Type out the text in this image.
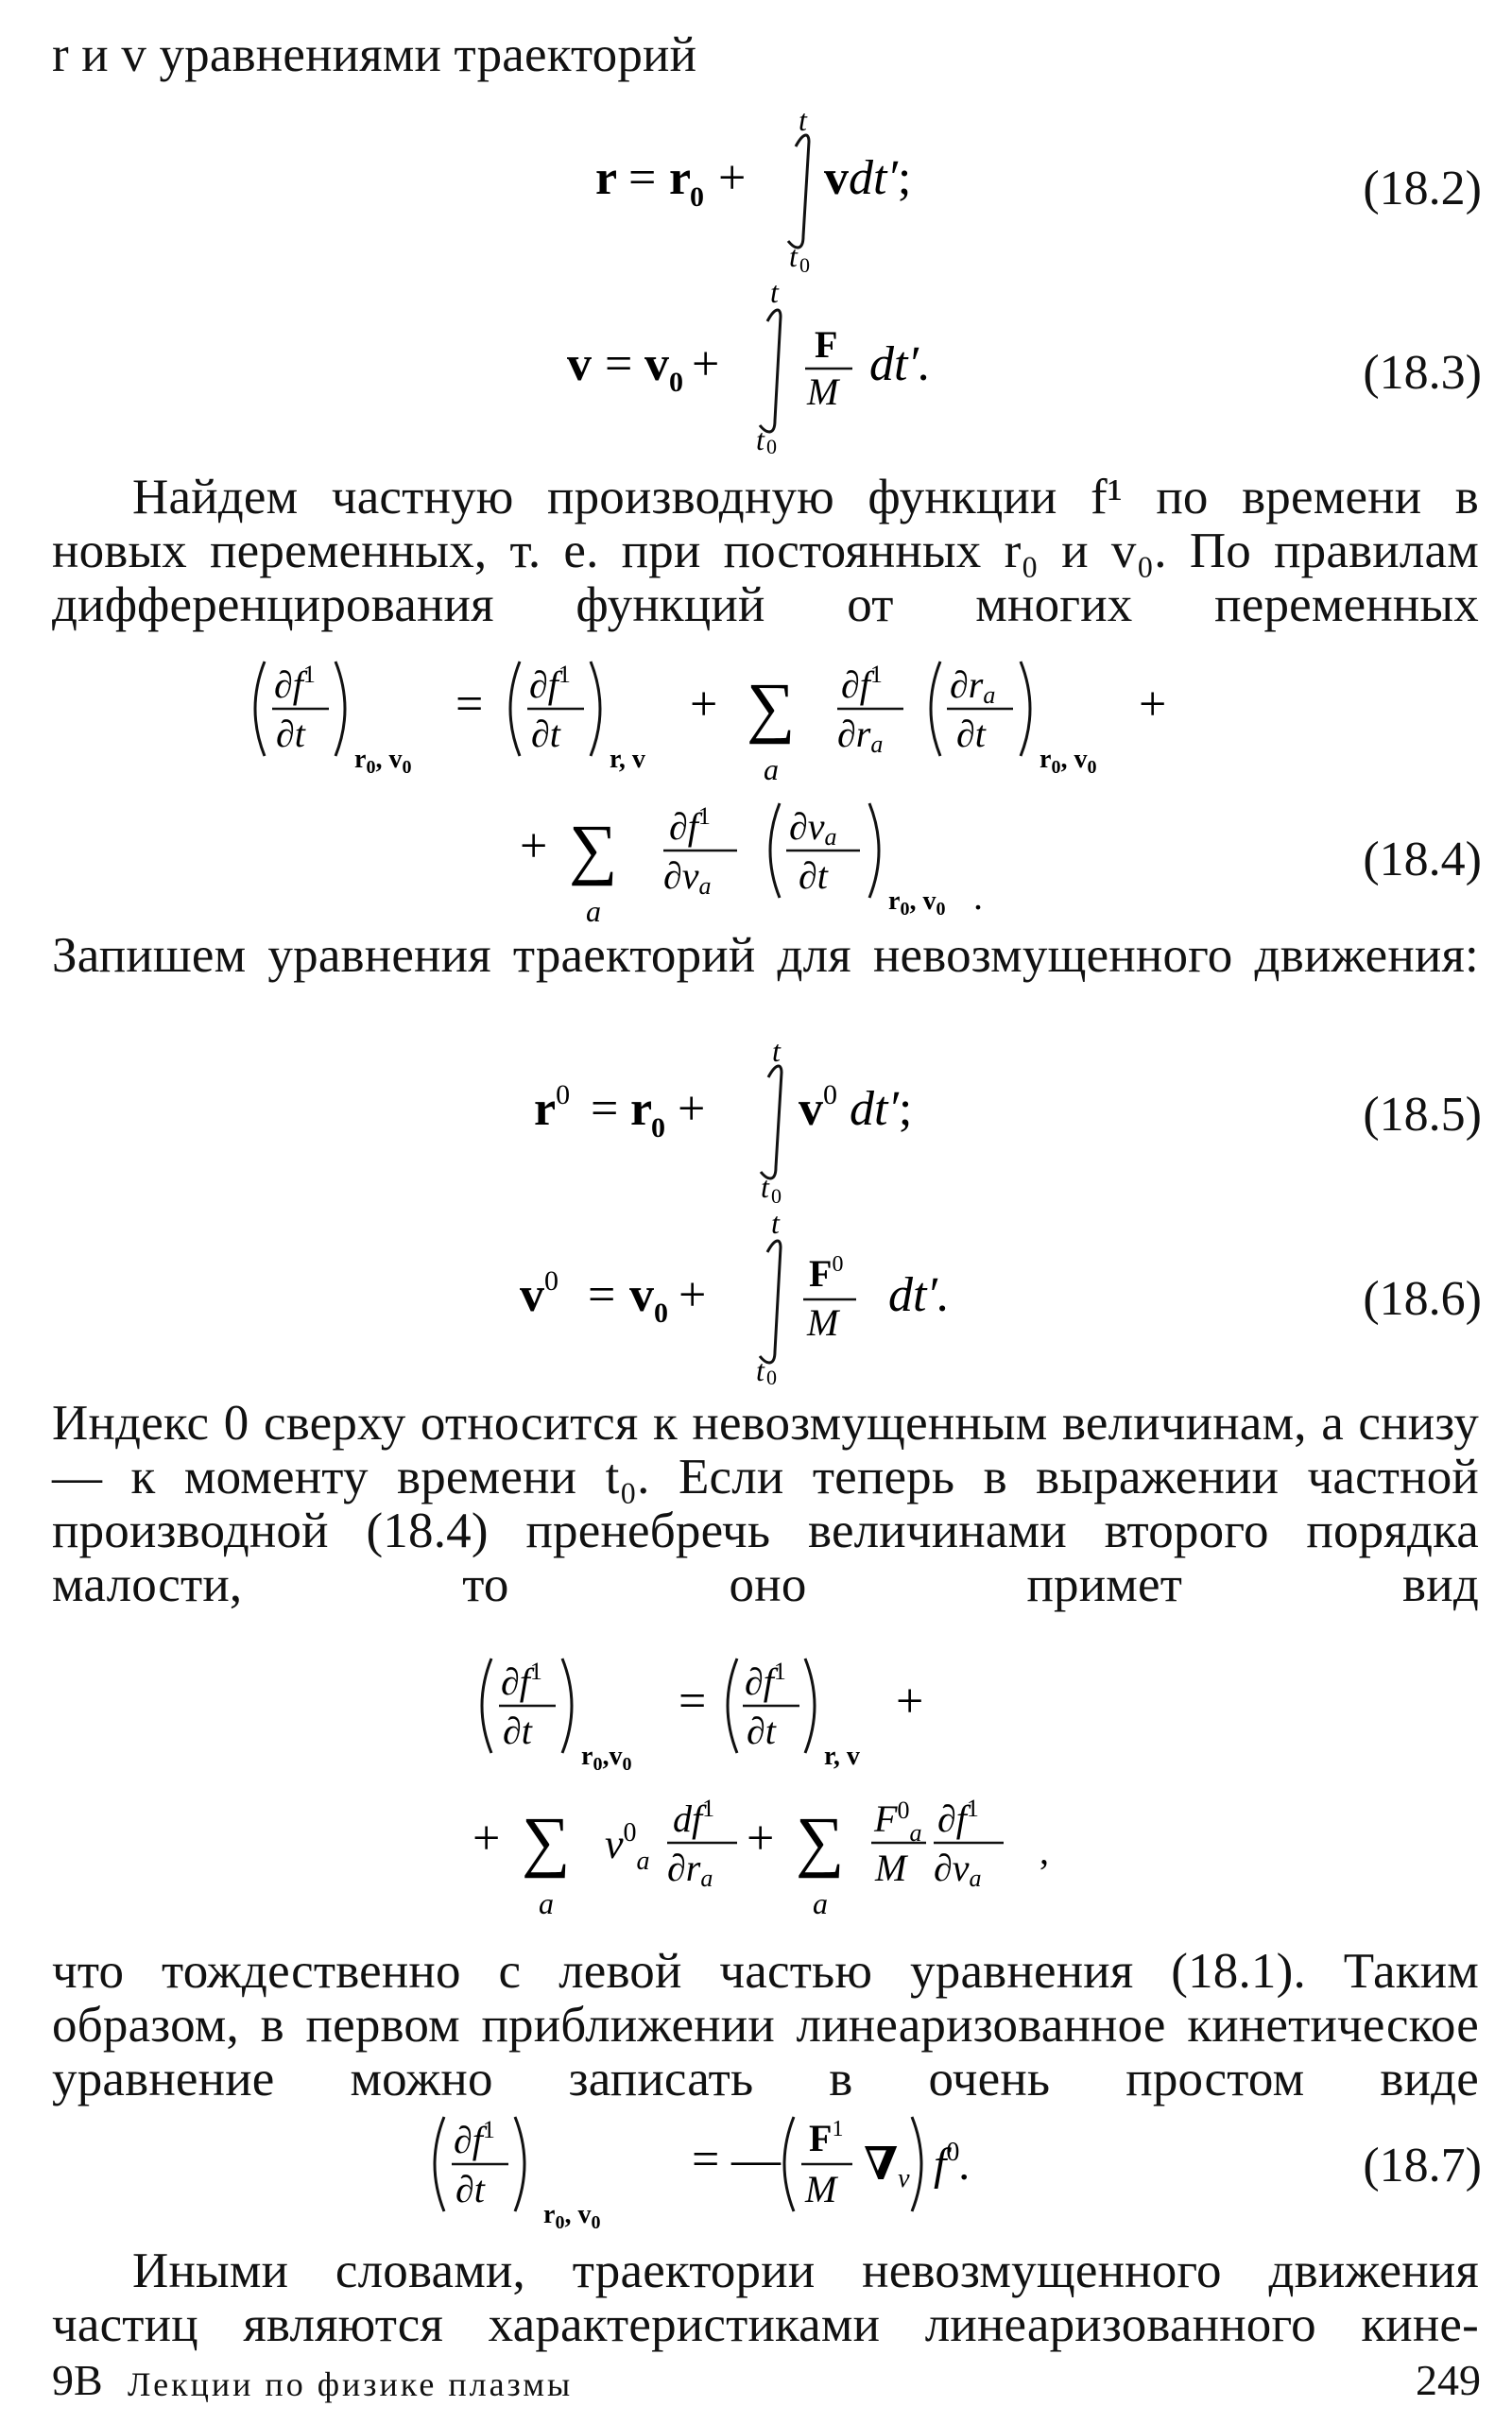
r и v уравнениями траекторий
r = r
0 +
t
t 0
vdt′;	(18.2)
v = v 0 +
t
t 0
F
M
dt′.	(18.3)
Найдем частную производную функции f¹ по времени в новых переменных, т. е. при постоянных r₀ и v₀. По правилам дифференцирования функций от многих переменных
$\partial f^1$
∂t
$r_0$, $v_0$
= $\partial f^1$
∂t
r, v
+ ∑
a
$\partial f^1$
∂ra
∂ra
∂t
$r_0$, $v_0$
+
+ ∑
a
$\partial f^1$
∂va
∂va
∂t
$r_0$, $v_0$ .
(18.4)
Запишем уравнения траекторий для невозмущенного движения:
$r^0 = r$
0 +
t
t 0
$v^0$ dt′;	(18.5)
$v^0 = v$ 0 +
t
t 0
$F^0$
M
dt′.	(18.6)
Индекс 0 сверху относится к невозмущенным величинам, а снизу — к моменту времени t₀. Если теперь в выражении частной производной (18.4) пренебречь величинами второго порядка малости, то оно примет вид
$\partial f^1$
∂t
$r_0,v_0$
= $\partial f^1$
∂t
r, v
+
+ ∑
a
$v^0_a$
$df^1$
∂ra
+ ∑
a
$F^0_a$
M
$\partial f^1$
∂va
,
что тождественно с левой частью уравнения (18.1). Таким образом, в первом приближении линеаризованное кинетическое уравнение можно записать в очень простом виде
$\partial f^1$
∂t
$r_0$, $v_0$
= — $F^1$
M ∇v $f^0$.	(18.7)
Иными словами, траектории невозмущенного движения частиц являются характеристиками линеаризованного кине-
9В Лекции по физике плазмы	249
